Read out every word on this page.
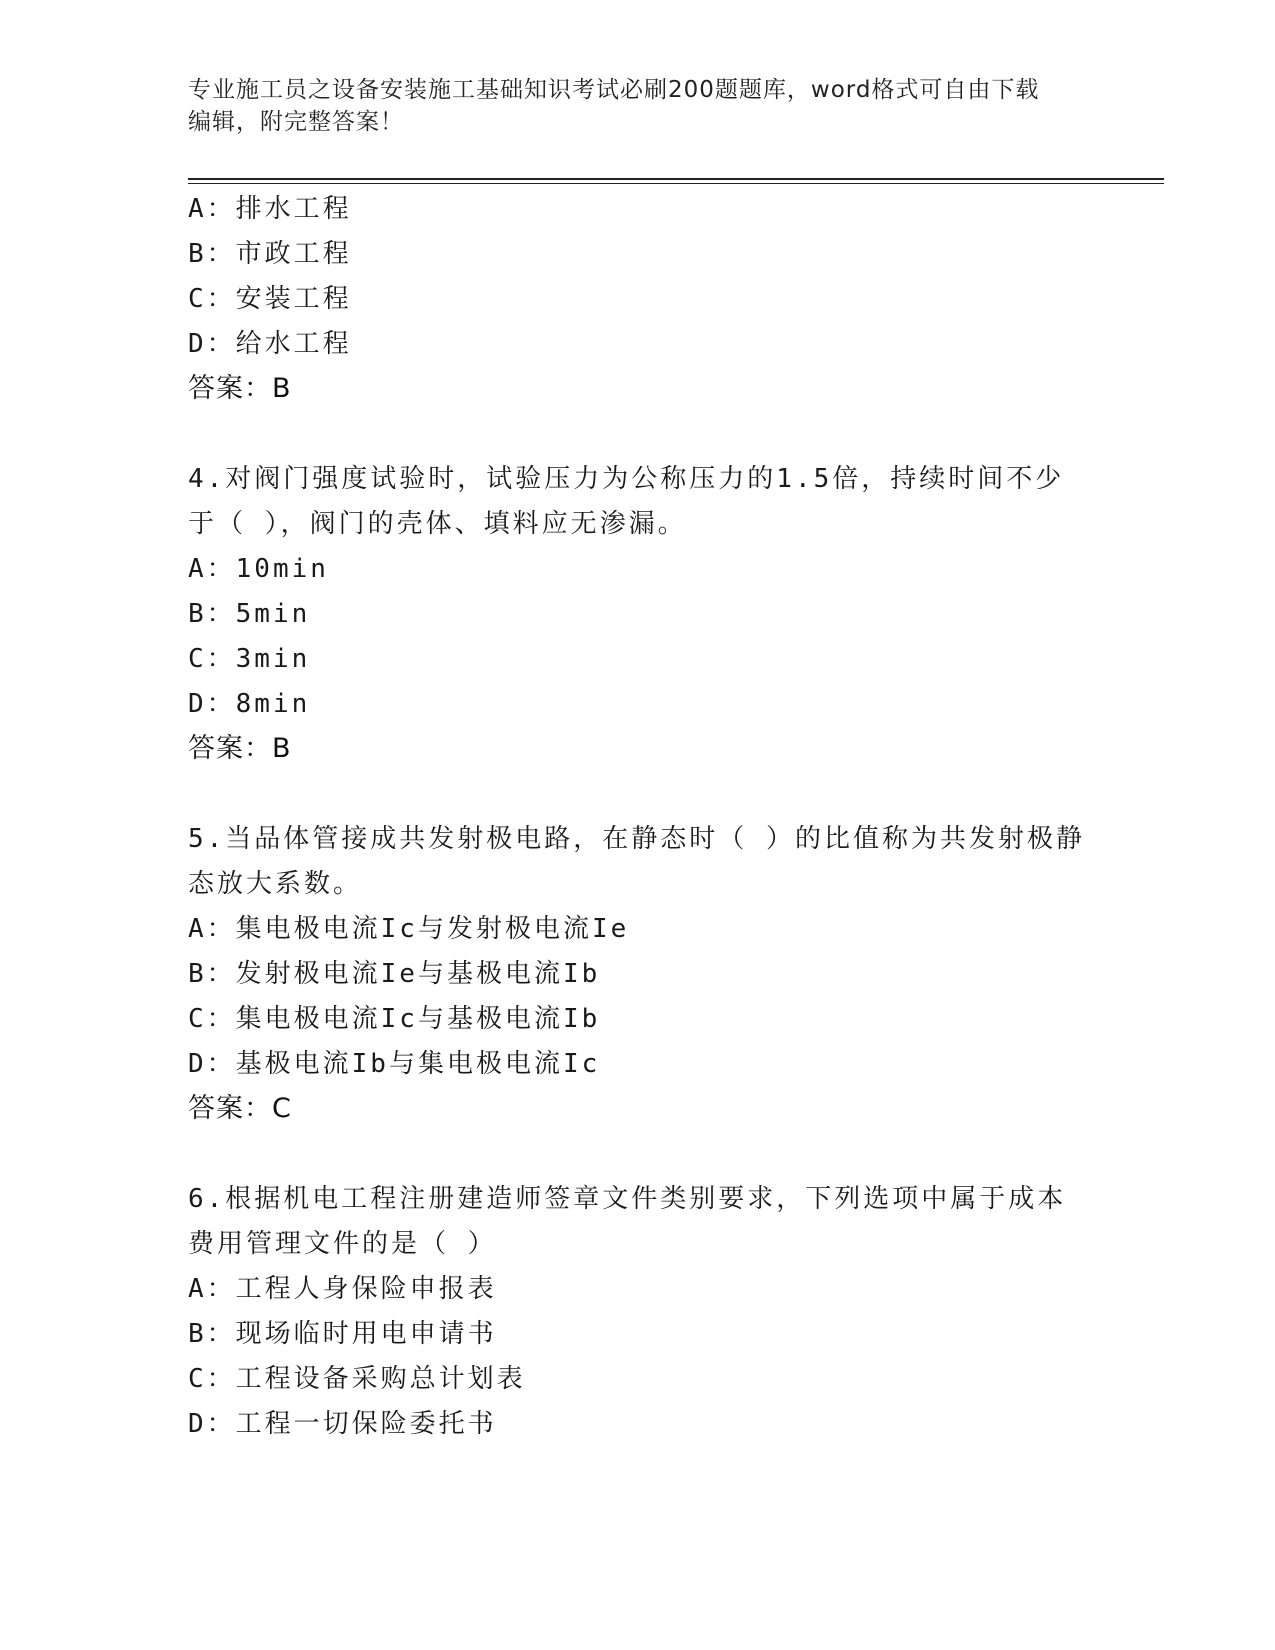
专业施工员之设备安装施工基础知识考试必刷200题题库，word格式可自由下载
编辑，附完整答案！
A：排水工程
B：市政工程
C：安装工程
D：给水工程
答案：B
4.对阀门强度试验时，试验压力为公称压力的1.5倍，持续时间不少
于（ ），阀门的壳体、填料应无渗漏。
A：10min
B：5min
C：3min
D：8min
答案：B
5.当品体管接成共发射极电路，在静态时（ ）的比值称为共发射极静
态放大系数。
A：集电极电流Ic与发射极电流Ie
B：发射极电流Ie与基极电流Ib
C：集电极电流Ic与基极电流Ib
D：基极电流Ib与集电极电流Ic
答案：C
6.根据机电工程注册建造师签章文件类别要求，下列选项中属于成本
费用管理文件的是（ ）
A：工程人身保险申报表
B：现场临时用电申请书
C：工程设备采购总计划表
D：工程一切保险委托书
